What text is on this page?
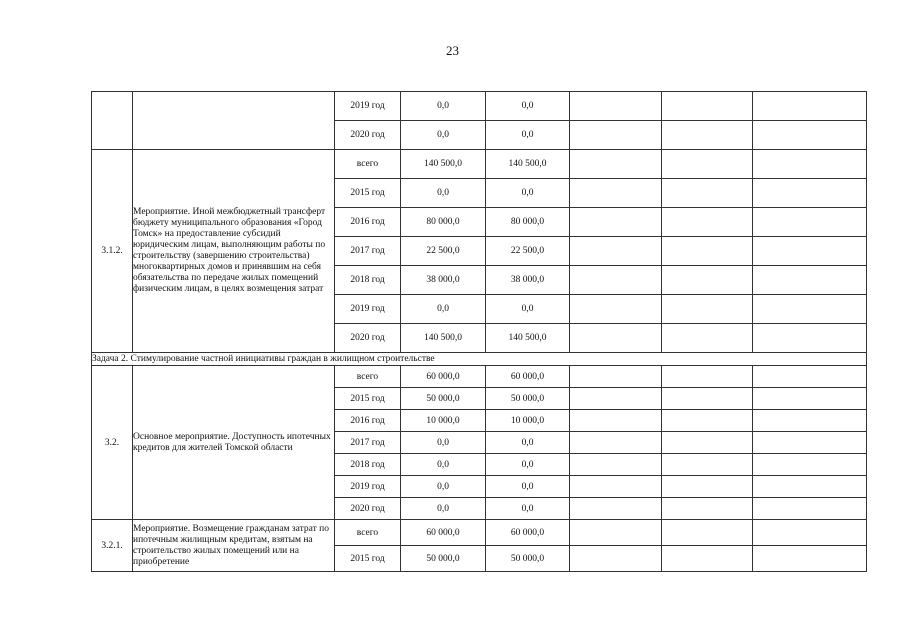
23
		2019 год	0,0	0,0			
		2020 год	0,0	0,0			
3.1.2.	Мероприятие. Иной межбюджетный трансферт бюджету муниципального образования «Город Томск» на предоставление субсидий юридическим лицам, выполняющим работы по строительству (завершению строительства) многоквартирных домов и принявшим на себя обязательства по передаче жилых помещений физическим лицам, в целях возмещения затрат	всего	140 500,0	140 500,0			
		2015 год	0,0	0,0			
		2016 год	80 000,0	80 000,0			
		2017 год	22 500,0	22 500,0			
		2018 год	38 000,0	38 000,0			
		2019 год	0,0	0,0			
		2020 год	140 500,0	140 500,0			
Задача 2. Стимулирование частной инициативы граждан в жилищном строительстве							
3.2.	Основное мероприятие. Доступность ипотечных кредитов для жителей Томской области	всего	60 000,0	60 000,0			
		2015 год	50 000,0	50 000,0			
		2016 год	10 000,0	10 000,0			
		2017 год	0,0	0,0			
		2018 год	0,0	0,0			
		2019 год	0,0	0,0			
		2020 год	0,0	0,0			
3.2.1.	Мероприятие. Возмещение гражданам затрат по ипотечным жилищным кредитам, взятым на строительство жилых помещений или на приобретение	всего	60 000,0	60 000,0			
		2015 год	50 000,0	50 000,0			
